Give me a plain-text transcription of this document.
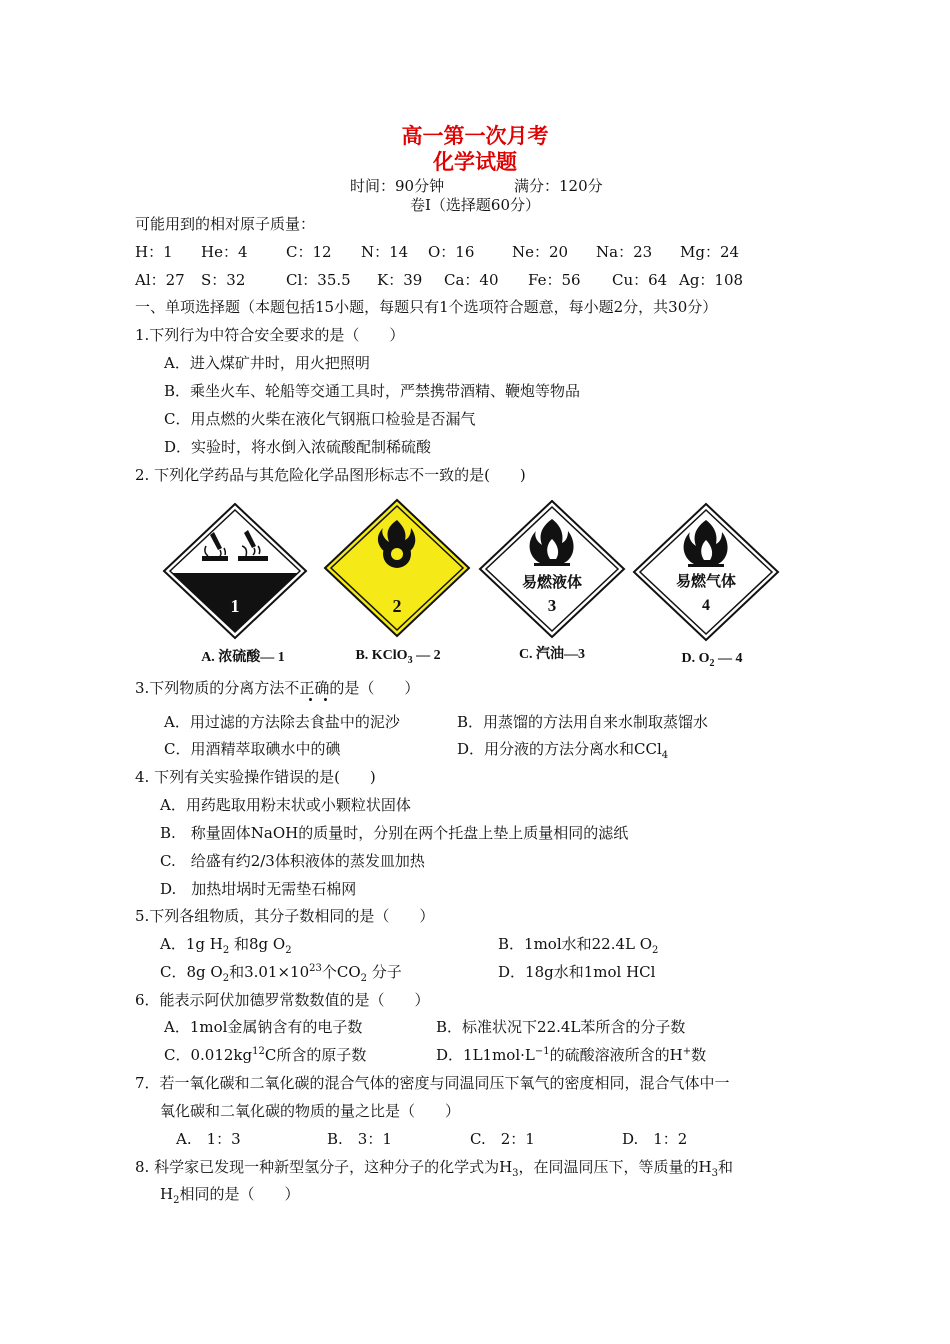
高一第一次月考
化学试题
时间：90分钟	满分：120分
卷Ⅰ（选择题60分）
可能用到的相对原子质量：
H：1 He：4	C：12 N：14 O：16	Ne：20 Na：23 Mg：24
Al：27 S：32	Cl：35.5 K：39 Ca：40 Fe：56 Cu：64 Ag：108
一、单项选择题（本题包括15小题，每题只有1个选项符合题意，每小题2分，共30分）
1.下列行为中符合安全要求的是（　　）
A．进入煤矿井时，用火把照明
B．乘坐火车、轮船等交通工具时，严禁携带酒精、鞭炮等物品
C．用点燃的火柴在液化气钢瓶口检验是否漏气
D．实验时，将水倒入浓硫酸配制稀硫酸
2. 下列化学药品与其危险化学品图形标志不一致的是(　　)
1	2
易燃液体
3
易燃气体
4
A. 浓硫酸— 1	B. KClO$_3$ — 2	C. 汽油—3	D. $O_2$ — 4
3.下列物质的分离方法不正确的是（　　）
A．用过滤的方法除去食盐中的泥沙	B．用蒸馏的方法用自来水制取蒸馏水
C．用酒精萃取碘水中的碘	D．用分液的方法分离水和CCl$_4$
4. 下列有关实验操作错误的是(　　)
A．用药匙取用粉末状或小颗粒状固体
B.　称量固体NaOH的质量时，分别在两个托盘上垫上质量相同的滤纸
C.　给盛有约2/3体积液体的蒸发皿加热
D.　加热坩埚时无需垫石棉网
5.下列各组物质，其分子数相同的是（　　）
A．1g $H_2$ 和8g $O_2$	B．1mol水和22.4L $O_2$
C．8g $O_2$和$3.01\times 10^{23}$个$CO_2$ 分子	D．18g水和1mol HCl
6．能表示阿伏加德罗常数数值的是（　　）
A．1mol金属钠含有的电子数	B．标准状况下22.4L苯所含的分子数
C．$0.012kg^{12}C$所含的原子数	D．$1L1mol\cdot L^{-1}$的硫酸溶液所含的H+数
7．若一氧化碳和二氧化碳的混合气体的密度与同温同压下氧气的密度相同，混合气体中一
氧化碳和二氧化碳的物质的量之比是（　　）
A.　1：3	B.　3：1	C.　2：1	D.　1：2
8. 科学家已发现一种新型氢分子，这种分子的化学式为$H_3$，在同温同压下，等质量的$H_3$和
$H_2$相同的是（　　）
